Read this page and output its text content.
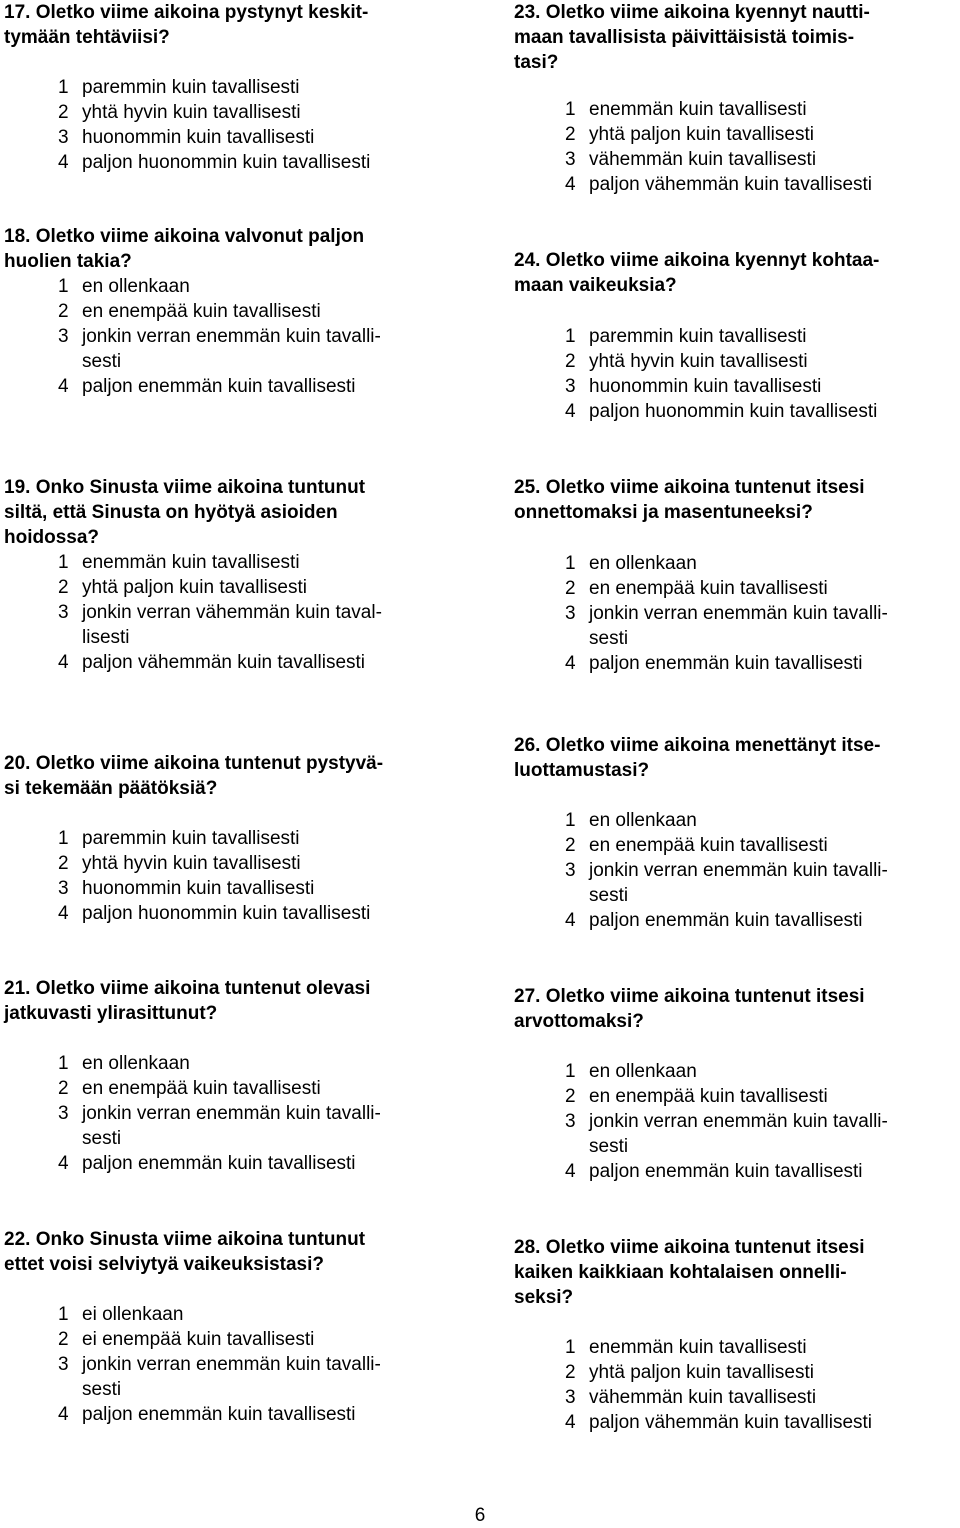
17. Oletko viime aikoina pystynyt keskit-
tymään tehtäviisi?
1 paremmin kuin tavallisesti
2 yhtä hyvin kuin tavallisesti
3 huonommin kuin tavallisesti
4 paljon huonommin kuin tavallisesti
18. Oletko viime aikoina valvonut paljon
huolien takia?
1 en ollenkaan
2 en enempää kuin tavallisesti
3 jonkin verran enemmän kuin tavalli-
sesti
4 paljon enemmän kuin tavallisesti
19. Onko Sinusta viime aikoina tuntunut
siltä, että Sinusta on hyötyä asioiden
hoidossa?
1 enemmän kuin tavallisesti
2 yhtä paljon kuin tavallisesti
3 jonkin verran vähemmän kuin taval-
lisesti
4 paljon vähemmän kuin tavallisesti
20. Oletko viime aikoina tuntenut pystyvä-
si tekemään päätöksiä?
1 paremmin kuin tavallisesti
2 yhtä hyvin kuin tavallisesti
3 huonommin kuin tavallisesti
4 paljon huonommin kuin tavallisesti
21. Oletko viime aikoina tuntenut olevasi
jatkuvasti ylirasittunut?
1 en ollenkaan
2 en enempää kuin tavallisesti
3 jonkin verran enemmän kuin tavalli-
sesti
4 paljon enemmän kuin tavallisesti
22. Onko Sinusta viime aikoina tuntunut
ettet voisi selviytyä vaikeuksistasi?
1 ei ollenkaan
2 ei enempää kuin tavallisesti
3 jonkin verran enemmän kuin tavalli-
sesti
4 paljon enemmän kuin tavallisesti
23. Oletko viime aikoina kyennyt nautti-
maan tavallisista päivittäisistä toimis-
tasi?
1 enemmän kuin tavallisesti
2 yhtä paljon kuin tavallisesti
3 vähemmän kuin tavallisesti
4 paljon vähemmän kuin tavallisesti
24. Oletko viime aikoina kyennyt kohtaa-
maan vaikeuksia?
1 paremmin kuin tavallisesti
2 yhtä hyvin kuin tavallisesti
3 huonommin kuin tavallisesti
4 paljon huonommin kuin tavallisesti
25. Oletko viime aikoina tuntenut itsesi
onnettomaksi ja masentuneeksi?
1 en ollenkaan
2 en enempää kuin tavallisesti
3 jonkin verran enemmän kuin tavalli-
sesti
4 paljon enemmän kuin tavallisesti
26. Oletko viime aikoina menettänyt itse-
luottamustasi?
1 en ollenkaan
2 en enempää kuin tavallisesti
3 jonkin verran enemmän kuin tavalli-
sesti
4 paljon enemmän kuin tavallisesti
27. Oletko viime aikoina tuntenut itsesi
arvottomaksi?
1 en ollenkaan
2 en enempää kuin tavallisesti
3 jonkin verran enemmän kuin tavalli-
sesti
4 paljon enemmän kuin tavallisesti
28. Oletko viime aikoina tuntenut itsesi
kaiken kaikkiaan kohtalaisen onnelli-
seksi?
1 enemmän kuin tavallisesti
2 yhtä paljon kuin tavallisesti
3 vähemmän kuin tavallisesti
4 paljon vähemmän kuin tavallisesti
6
